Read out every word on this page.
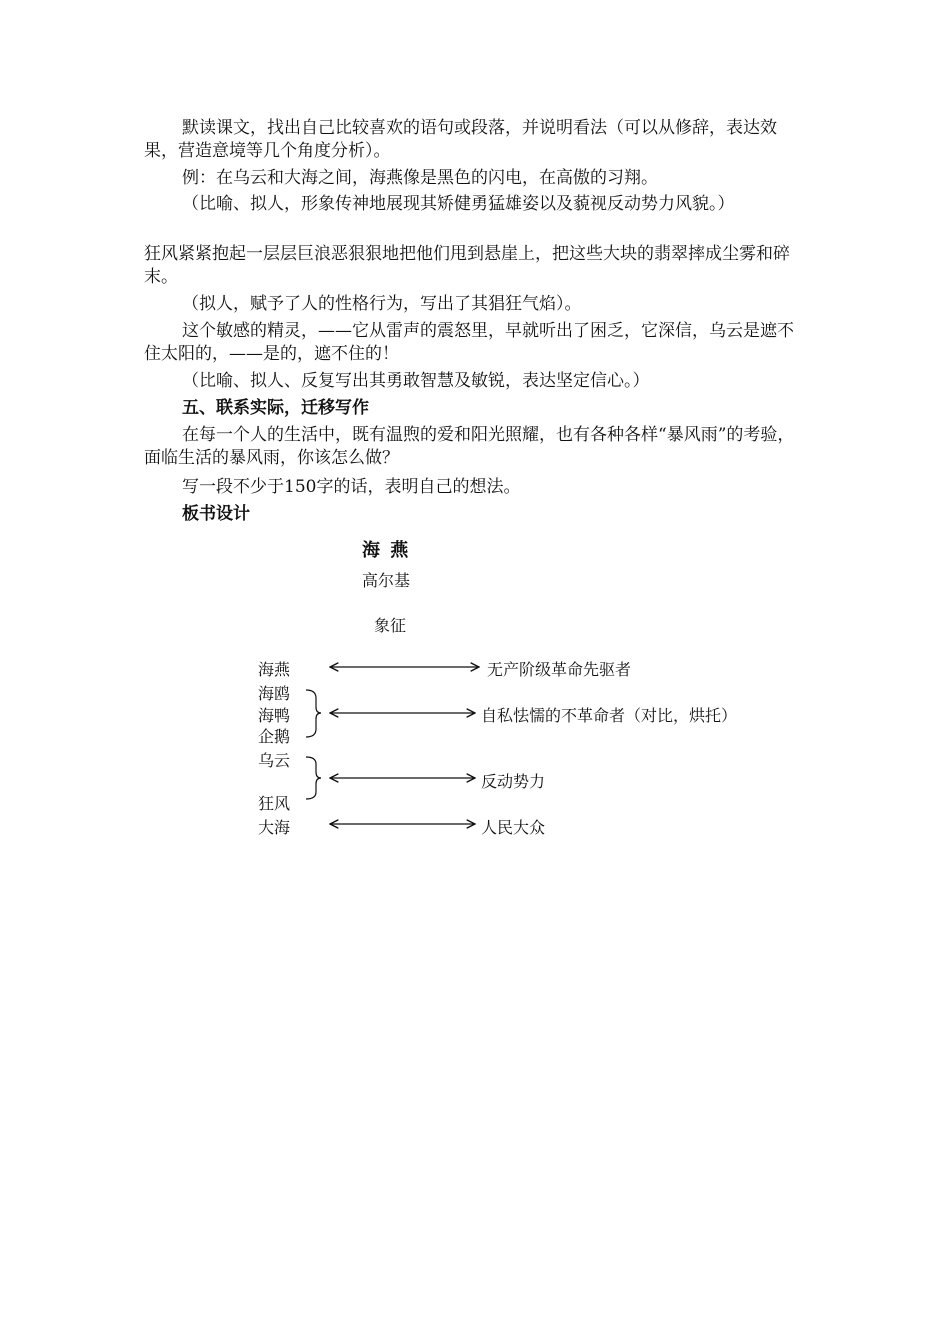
默读课文，找出自己比较喜欢的语句或段落，并说明看法（可以从修辞，表达效果，营造意境等几个角度分析）。

例：在乌云和大海之间，海燕像是黑色的闪电，在高傲的习翔。

（比喻、拟人，形象传神地展现其矫健勇猛雄姿以及藐视反动势力风貌。）

狂风紧紧抱起一层层巨浪恶狠狠地把他们甩到悬崖上，把这些大块的翡翠摔成尘雾和碎末。

（拟人，赋予了人的性格行为，写出了其猖狂气焰）。

这个敏感的精灵，——它从雷声的震怒里，早就听出了困乏，它深信，乌云是遮不住太阳的，——是的，遮不住的！

（比喻、拟人、反复写出其勇敢智慧及敏锐，表达坚定信心。）

五、联系实际，迁移写作

在每一个人的生活中，既有温煦的爱和阳光照耀，也有各种各样“暴风雨”的考验，面临生活的暴风雨，你该怎么做？

写一段不少于150字的话，表明自己的想法。

板书设计

海 燕
高尔基
象征
海燕
海鸥
海鸭
企鹅
乌云
狂风
大海
无产阶级革命先驱者
自私怯懦的不革命者（对比，烘托）
反动势力
人民大众
